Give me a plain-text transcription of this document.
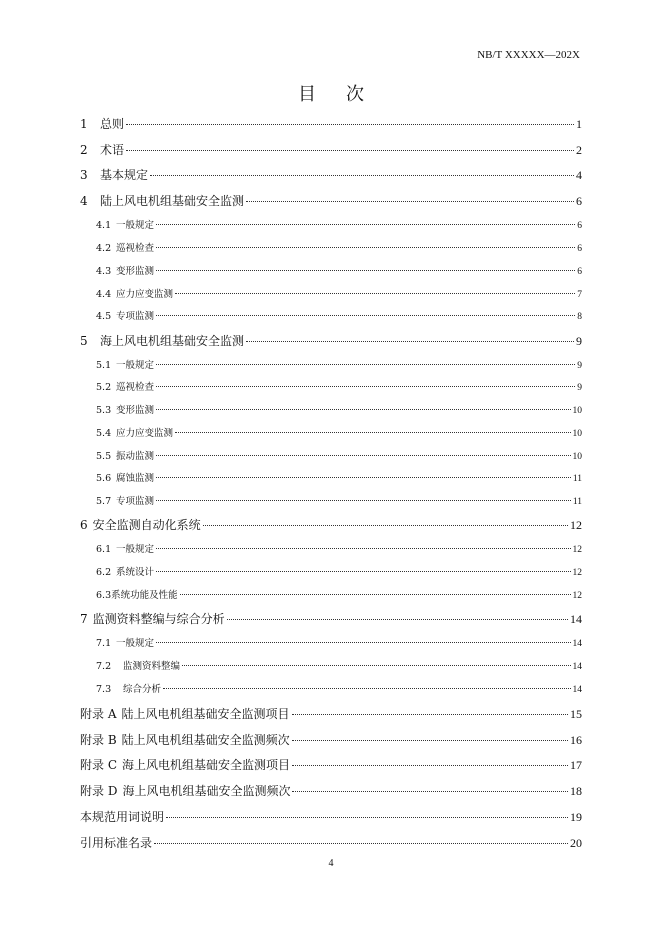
NB/T XXXXX—202X
目次
1	总则	1
2	术语	2
3	基本规定	4
4	陆上风电机组基础安全监测	6
4.1 一般规定	6
4.2 巡视检查	6
4.3 变形监测	6
4.4 应力应变监测	7
4.5 专项监测	8
5	海上风电机组基础安全监测	9
5.1 一般规定	9
5.2 巡视检查	9
5.3 变形监测	10
5.4 应力应变监测	10
5.5 振动监测	10
5.6 腐蚀监测	11
5.7 专项监测	11
6 安全监测自动化系统	12
6.1 一般规定	12
6.2 系统设计	12
6.3 系统功能及性能	12
7 监测资料整编与综合分析	14
7.1 一般规定	14
7.2	监测资料整编	14
7.3	综合分析	14
附录 A 陆上风电机组基础安全监测项目	15
附录 B 陆上风电机组基础安全监测频次	16
附录 C 海上风电机组基础安全监测项目	17
附录 D 海上风电机组基础安全监测频次	18
本规范用词说明	19
引用标准名录	20
4
